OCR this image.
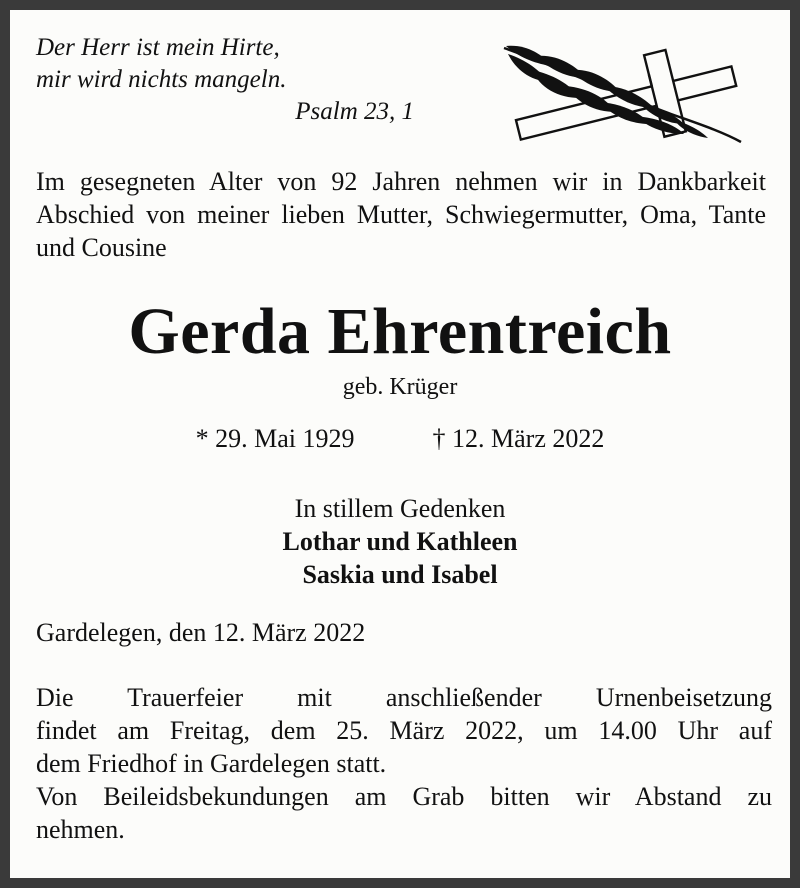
Der Herr ist mein Hirte,
mir wird nichts mangeln.
Psalm 23, 1
Im gesegneten Alter von 92 Jahren nehmen wir in Dankbarkeit Abschied von meiner lieben Mutter, Schwiegermutter, Oma, Tante und Cousine
Gerda Ehrentreich
geb. Krüger
* 29. Mai 1929	† 12. März 2022
In stillem Gedenken
Lothar und Kathleen
Saskia und Isabel
Gardelegen, den 12. März 2022
Die Trauerfeier mit anschließender Urnenbeisetzung
findet am Freitag, dem 25. März 2022, um 14.00 Uhr auf
dem Friedhof in Gardelegen statt.
Von Beileidsbekundungen am Grab bitten wir Abstand zu
nehmen.
